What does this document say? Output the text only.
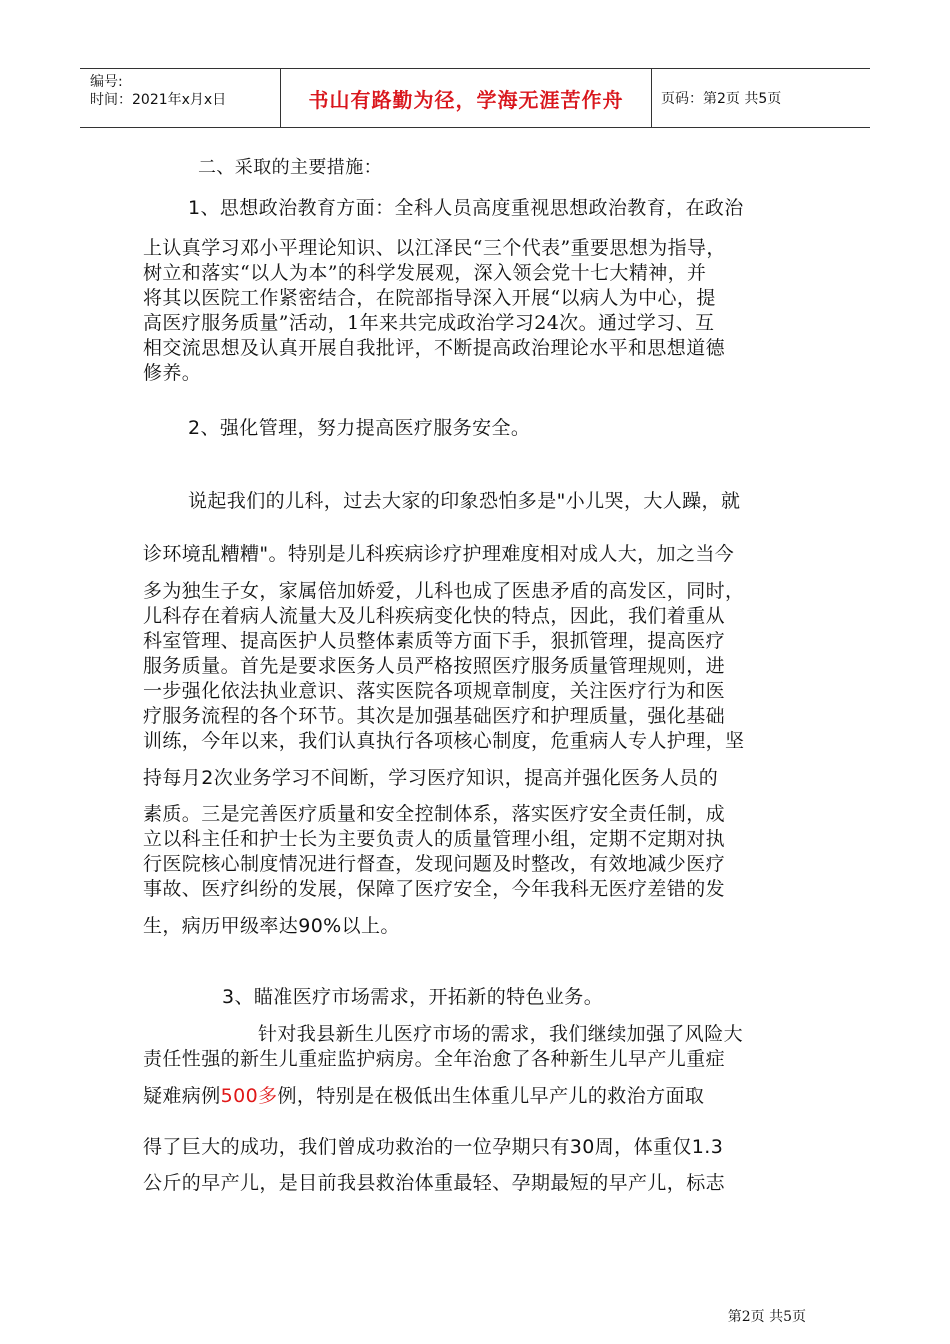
编号:
时间：2021年x月x日	书山有路勤为径，学海无涯苦作舟	页码：第2页 共5页
二、采取的主要措施：
1、思想政治教育方面：全科人员高度重视思想政治教育，在政治
上认真学习邓小平理论知识、以江泽民“三个代表”重要思想为指导，
树立和落实“以人为本”的科学发展观，深入领会党十七大精神，并
将其以医院工作紧密结合，在院部指导深入开展“以病人为中心，提
高医疗服务质量”活动，1年来共完成政治学习24次。通过学习、互
相交流思想及认真开展自我批评，不断提高政治理论水平和思想道德
修养。
2、强化管理，努力提高医疗服务安全。
说起我们的儿科，过去大家的印象恐怕多是"小儿哭，大人躁，就
诊环境乱糟糟"。特别是儿科疾病诊疗护理难度相对成人大，加之当今
多为独生子女，家属倍加娇爱，儿科也成了医患矛盾的高发区，同时，
儿科存在着病人流量大及儿科疾病变化快的特点，因此，我们着重从
科室管理、提高医护人员整体素质等方面下手，狠抓管理，提高医疗
服务质量。首先是要求医务人员严格按照医疗服务质量管理规则，进
一步强化依法执业意识、落实医院各项规章制度，关注医疗行为和医
疗服务流程的各个环节。其次是加强基础医疗和护理质量，强化基础
训练，今年以来，我们认真执行各项核心制度，危重病人专人护理，坚
持每月2次业务学习不间断，学习医疗知识，提高并强化医务人员的
素质。三是完善医疗质量和安全控制体系，落实医疗安全责任制，成
立以科主任和护士长为主要负责人的质量管理小组，定期不定期对执
行医院核心制度情况进行督查，发现问题及时整改，有效地减少医疗
事故、医疗纠纷的发展，保障了医疗安全，今年我科无医疗差错的发
生，病历甲级率达90%以上。
3、瞄准医疗市场需求，开拓新的特色业务。
针对我县新生儿医疗市场的需求，我们继续加强了风险大
责任性强的新生儿重症监护病房。全年治愈了各种新生儿早产儿重症
疑难病例500多例，特别是在极低出生体重儿早产儿的救治方面取
得了巨大的成功，我们曾成功救治的一位孕期只有30周，体重仅1.3
公斤的早产儿，是目前我县救治体重最轻、孕期最短的早产儿，标志
第2页 共5页
